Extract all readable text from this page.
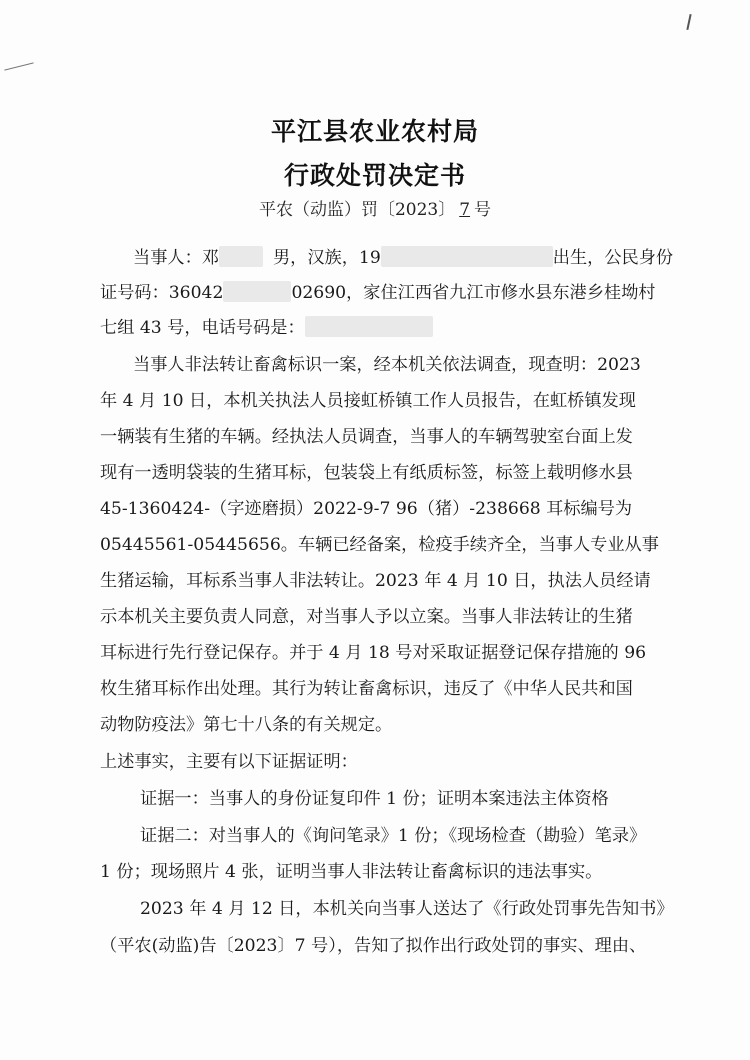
平江县农业农村局
行政处罚决定书
平农（动监）罚〔2023〕 7 号
当事人：邓	男，汉族，19	出生，公民身份
证号码：36042	02690，家住江西省九江市修水县东港乡桂坳村
七组 43 号，电话号码是：
当事人非法转让畜禽标识一案，经本机关依法调查，现查明：2023
年 4 月 10 日，本机关执法人员接虹桥镇工作人员报告，在虹桥镇发现
一辆装有生猪的车辆。经执法人员调查，当事人的车辆驾驶室台面上发
现有一透明袋装的生猪耳标，包装袋上有纸质标签，标签上载明修水县
45-1360424-（字迹磨损）2022-9-7 96（猪）-238668 耳标编号为
05445561-05445656。车辆已经备案，检疫手续齐全，当事人专业从事
生猪运输，耳标系当事人非法转让。2023 年 4 月 10 日，执法人员经请
示本机关主要负责人同意，对当事人予以立案。当事人非法转让的生猪
耳标进行先行登记保存。并于 4 月 18 号对采取证据登记保存措施的 96
枚生猪耳标作出处理。其行为转让畜禽标识，违反了《中华人民共和国
动物防疫法》第七十八条的有关规定。
上述事实，主要有以下证据证明：
证据一：当事人的身份证复印件 1 份；证明本案违法主体资格
证据二：对当事人的《询问笔录》1 份；《现场检查（勘验）笔录》
1 份；现场照片 4 张，证明当事人非法转让畜禽标识的违法事实。
2023 年 4 月 12 日，本机关向当事人送达了《行政处罚事先告知书》
（平农(动监)告〔2023〕7 号），告知了拟作出行政处罚的事实、理由、
